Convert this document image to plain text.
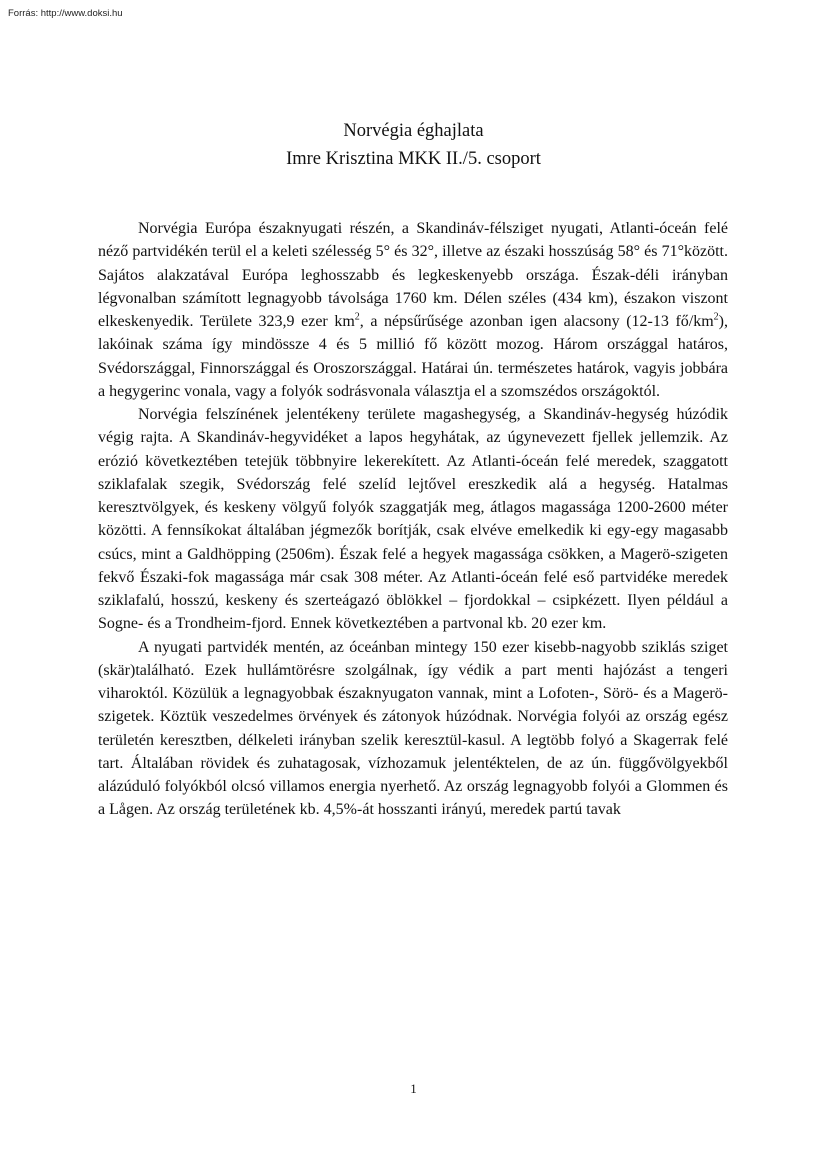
Forrás: http://www.doksi.hu
Norvégia éghajlata
Imre Krisztina MKK II./5. csoport

Norvégia Európa északnyugati részén, a Skandináv-félsziget nyugati, Atlanti-óceán felé néző partvidékén terül el a keleti szélesség 5° és 32°, illetve az északi hosszúság 58° és 71°között. Sajátos alakzatával Európa leghosszabb és legkeskenyebb országa. Észak-déli irányban légvonalban számított legnagyobb távolsága 1760 km. Délen széles (434 km), északon viszont elkeskenyedik. Területe 323,9 ezer $km^2$, a népsűrűsége azonban igen alacsony (12-13 $fő/km^2$), lakóinak száma így mindössze 4 és 5 millió fő között mozog. Három országgal határos, Svédországgal, Finnországgal és Oroszországgal. Határai ún. természetes határok, vagyis jobbára a hegygerinc vonala, vagy a folyók sodrásvonala választja el a szomszédos országoktól.

Norvégia felszínének jelentékeny területe magashegység, a Skandináv-hegység húzódik végig rajta. A Skandináv-hegyvidéket a lapos hegyhátak, az úgynevezett fjellek jellemzik. Az erózió következtében tetejük többnyire lekerekített. Az Atlanti-óceán felé meredek, szaggatott sziklafalak szegik, Svédország felé szelíd lejtővel ereszkedik alá a hegység. Hatalmas keresztvölgyek, és keskeny völgyű folyók szaggatják meg, átlagos magassága 1200-2600 méter közötti. A fennsíkokat általában jégmezők borítják, csak elvéve emelkedik ki egy-egy magasabb csúcs, mint a Galdhöpping (2506m). Észak felé a hegyek magassága csökken, a Magerö-szigeten fekvő Északi-fok magassága már csak 308 méter. Az Atlanti-óceán felé eső partvidéke meredek sziklafalú, hosszú, keskeny és szerteágazó öblökkel – fjordokkal – csipkézett. Ilyen például a Sogne- és a Trondheim-fjord. Ennek következtében a partvonal kb. 20 ezer km.

A nyugati partvidék mentén, az óceánban mintegy 150 ezer kisebb-nagyobb sziklás sziget (skär)található. Ezek hullámtörésre szolgálnak, így védik a part menti hajózást a tengeri viharoktól. Közülük a legnagyobbak északnyugaton vannak, mint a Lofoten-, Sörö- és a Magerö-szigetek. Köztük veszedelmes örvények és zátonyok húzódnak. Norvégia folyói az ország egész területén keresztben, délkeleti irányban szelik keresztül-kasul. A legtöbb folyó a Skagerrak felé tart. Általában rövidek és zuhatagosak, vízhozamuk jelentéktelen, de az ún. függővölgyekből alázúduló folyókból olcsó villamos energia nyerhető. Az ország legnagyobb folyói a Glommen és a Lågen. Az ország területének kb. 4,5%-át hosszanti irányú, meredek partú tavak

1
